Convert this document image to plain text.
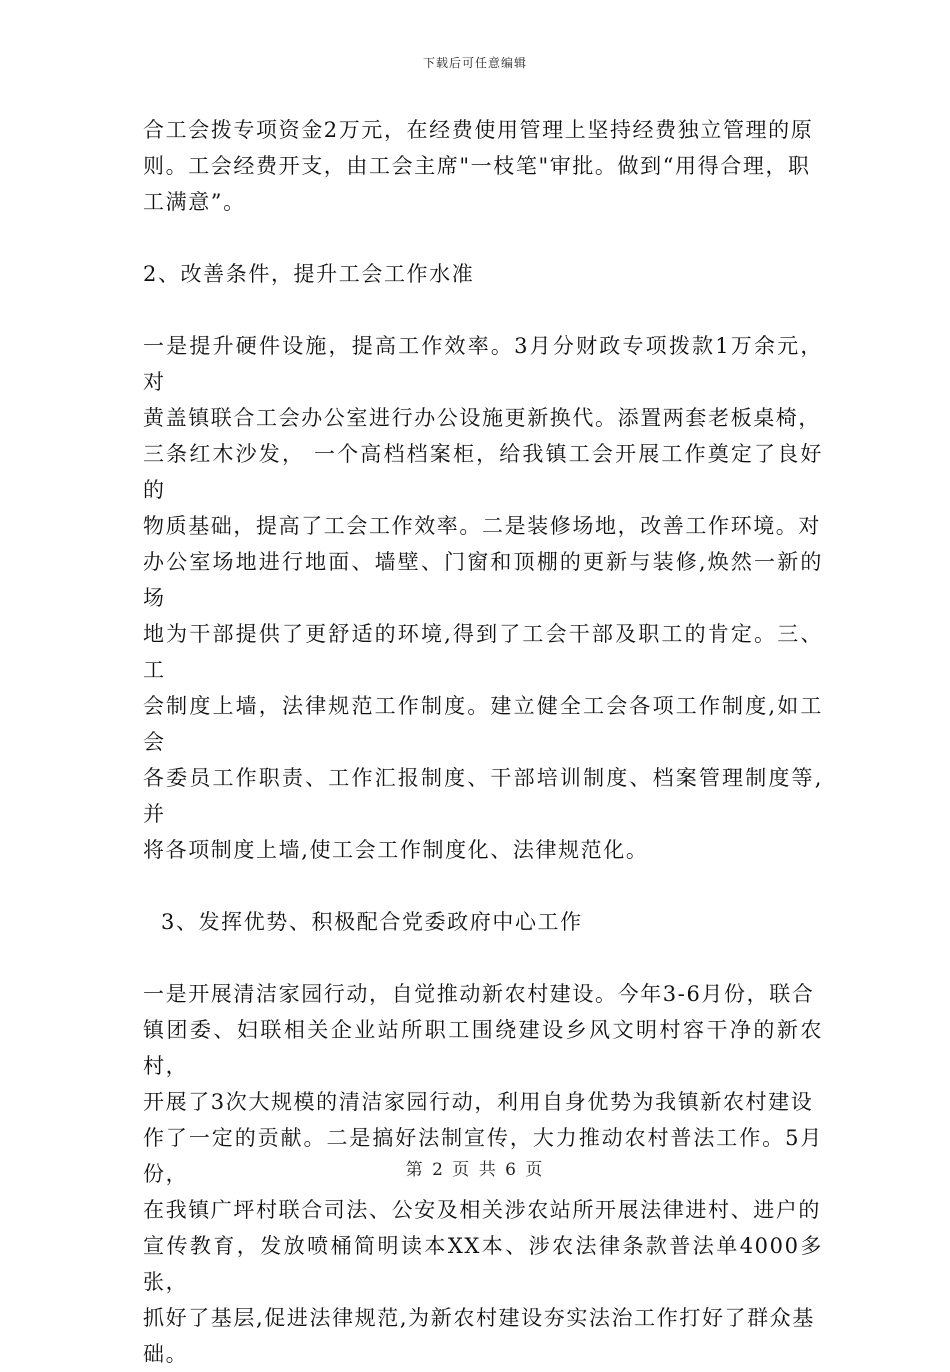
下载后可任意编辑

合工会拨专项资金2万元，在经费使用管理上坚持经费独立管理的原
则。工会经费开支，由工会主席"一枝笔"审批。做到“用得合理，职
工满意”。

2、改善条件，提升工会工作水准

一是提升硬件设施，提高工作效率。3月分财政专项拨款1万余元，对
黄盖镇联合工会办公室进行办公设施更新换代。添置两套老板桌椅，
三条红木沙发， 一个高档档案柜，给我镇工会开展工作奠定了良好的
物质基础，提高了工会工作效率。二是装修场地，改善工作环境。对
办公室场地进行地面、墙壁、门窗和顶棚的更新与装修,焕然一新的场
地为干部提供了更舒适的环境,得到了工会干部及职工的肯定。三、工
会制度上墙，法律规范工作制度。建立健全工会各项工作制度,如工会
各委员工作职责、工作汇报制度、干部培训制度、档案管理制度等,并
将各项制度上墙,使工会工作制度化、法律规范化。

3、发挥优势、积极配合党委政府中心工作

一是开展清洁家园行动，自觉推动新农村建设。今年3-6月份，联合
镇团委、妇联相关企业站所职工围绕建设乡风文明村容干净的新农村，
开展了3次大规模的清洁家园行动，利用自身优势为我镇新农村建设
作了一定的贡献。二是搞好法制宣传，大力推动农村普法工作。5月份，
在我镇广坪村联合司法、公安及相关涉农站所开展法律进村、进户的
宣传教育，发放喷桶简明读本XX本、涉农法律条款普法单4000多张，
抓好了基层,促进法律规范,为新农村建设夯实法治工作打好了群众基
础。

第 2 页 共 6 页
